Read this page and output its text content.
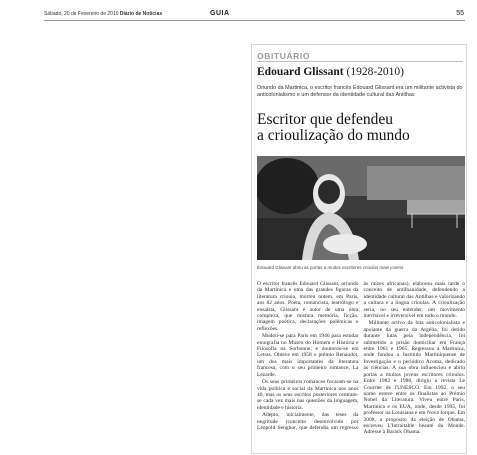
Sábado, 20 de Fevereiro de 2010 Diário de Notícias	GUIA	55
OBITUÁRIO
Edouard Glissant (1928-2010)
Oriundo da Martinica, o escritor francês Édouard Glissant era um militante activista do anticolonialismo e um defensor da identidade cultural das Antilhas
Escritor que defendeu
a crioulização do mundo
Édouard Glissant abriu as portas a muitos escritores crioulos mais jovens

O escritor francês Édouard Glissant, oriundo da Martinica e uma das grandes figuras da literatura crioula, morreu ontem, em Paris, aos 82 anos. Poeta, romancista, teatrólogo e ensaísta, Glissant é autor de uma obra complexa, que mistura memória, ficção, imagem poética, declarações polémicas e reflexões.

Mudou-se para Paris em 1946 para estudar etnografia no Museu do Homem e História e Filosofia na Sorbonne, e doutorou-se em Letras. Obteve em 1958 o prémio Renaudot, um dos mais importantes da literatura francesa, com o seu primeiro romance, La Lézarde.

Os seus primeiros romances focaram-se na vida política e social da Martinica nos anos 40, mas os seus escritos posteriores centram-se cada vez mais nas questões da linguagem, identidade e história.

Adepto, inicialmente, das teses da negritude (conceito desenvolvido por Léopold Senghor, que defendia um regresso às raízes africanas), elaborou mais tarde o conceito de antilhanidade, defendendo a identidade cultural das Antilhas e valorizando a cultura e a língua crioulas. A crioulização seria, no seu entender, um movimento inevitável e irreversível em todo o mundo.

Militante activo da luta anticolonialista e apoiante da guerra da Argélia, foi detido durante lutas pela independência, foi submetido a prisão domiciliar em França entre 1961 e 1965. Regressou à Martinica, onde fundou o Instituto Martiniquense de Investigação e o periódico Acoma, dedicado às ciências. A sua obra influenciou e abriu portas a muitos jovens escritores crioulos. Entre 1982 e 1988, dirigiu a revista Le Courrier de l'UNESCO. Em 1992, o seu nome esteve entre os finalistas ao Prémio Nobel da Literatura. Viveu entre Paris, Martinica e os EUA, onde, desde 1995, foi professor na Louisiana e em Nova Iorque. Em 2008, a propósito da eleição de Obama, escreveu L'Intraitable beauté du Monde. Adresse à Barack Obama.
